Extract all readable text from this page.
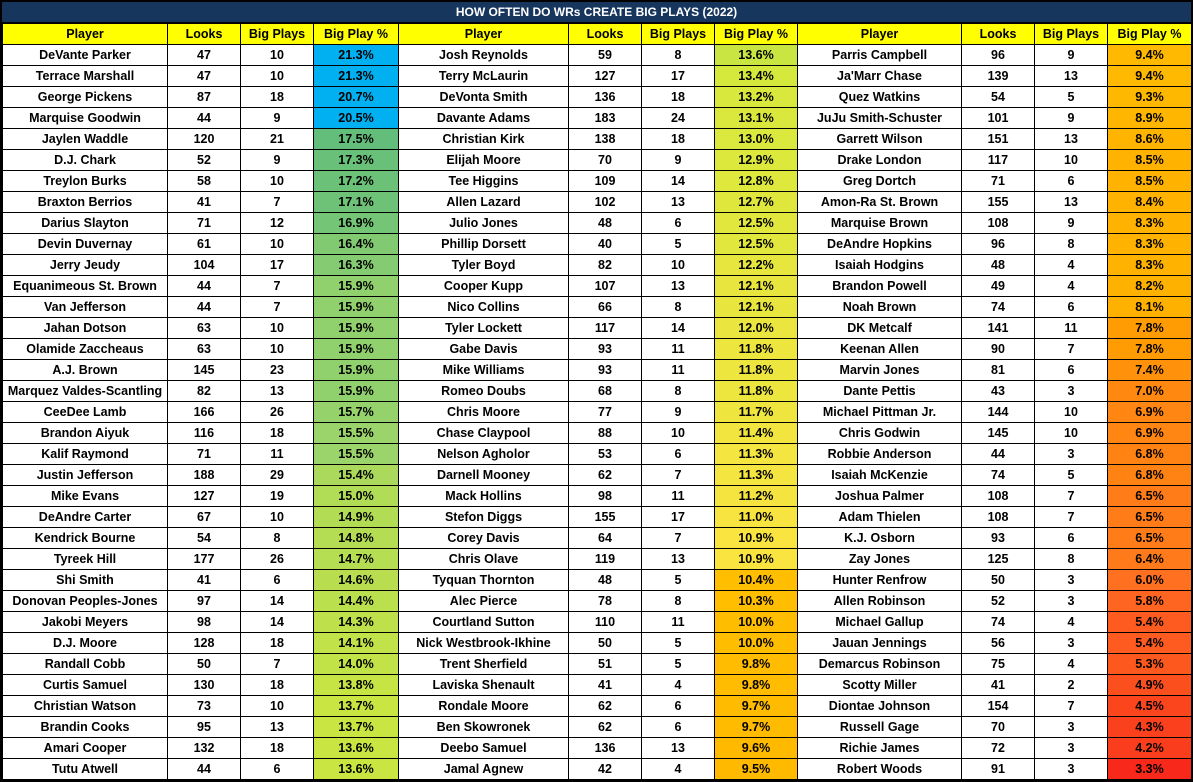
HOW OFTEN DO WRs CREATE BIG PLAYS (2022)
Player	Looks	Big Plays	Big Play %
DeVante Parker	47	10	21.3%
Terrace Marshall	47	10	21.3%
George Pickens	87	18	20.7%
Marquise Goodwin	44	9	20.5%
Jaylen Waddle	120	21	17.5%
D.J. Chark	52	9	17.3%
Treylon Burks	58	10	17.2%
Braxton Berrios	41	7	17.1%
Darius Slayton	71	12	16.9%
Devin Duvernay	61	10	16.4%
Jerry Jeudy	104	17	16.3%
Equanimeous St. Brown	44	7	15.9%
Van Jefferson	44	7	15.9%
Jahan Dotson	63	10	15.9%
Olamide Zaccheaus	63	10	15.9%
A.J. Brown	145	23	15.9%
Marquez Valdes-Scantling	82	13	15.9%
CeeDee Lamb	166	26	15.7%
Brandon Aiyuk	116	18	15.5%
Kalif Raymond	71	11	15.5%
Justin Jefferson	188	29	15.4%
Mike Evans	127	19	15.0%
DeAndre Carter	67	10	14.9%
Kendrick Bourne	54	8	14.8%
Tyreek Hill	177	26	14.7%
Shi Smith	41	6	14.6%
Donovan Peoples-Jones	97	14	14.4%
Jakobi Meyers	98	14	14.3%
D.J. Moore	128	18	14.1%
Randall Cobb	50	7	14.0%
Curtis Samuel	130	18	13.8%
Christian Watson	73	10	13.7%
Brandin Cooks	95	13	13.7%
Amari Cooper	132	18	13.6%
Tutu Atwell	44	6	13.6%
Player	Looks	Big Plays	Big Play %
Josh Reynolds	59	8	13.6%
Terry McLaurin	127	17	13.4%
DeVonta Smith	136	18	13.2%
Davante Adams	183	24	13.1%
Christian Kirk	138	18	13.0%
Elijah Moore	70	9	12.9%
Tee Higgins	109	14	12.8%
Allen Lazard	102	13	12.7%
Julio Jones	48	6	12.5%
Phillip Dorsett	40	5	12.5%
Tyler Boyd	82	10	12.2%
Cooper Kupp	107	13	12.1%
Nico Collins	66	8	12.1%
Tyler Lockett	117	14	12.0%
Gabe Davis	93	11	11.8%
Mike Williams	93	11	11.8%
Romeo Doubs	68	8	11.8%
Chris Moore	77	9	11.7%
Chase Claypool	88	10	11.4%
Nelson Agholor	53	6	11.3%
Darnell Mooney	62	7	11.3%
Mack Hollins	98	11	11.2%
Stefon Diggs	155	17	11.0%
Corey Davis	64	7	10.9%
Chris Olave	119	13	10.9%
Tyquan Thornton	48	5	10.4%
Alec Pierce	78	8	10.3%
Courtland Sutton	110	11	10.0%
Nick Westbrook-Ikhine	50	5	10.0%
Trent Sherfield	51	5	9.8%
Laviska Shenault	41	4	9.8%
Rondale Moore	62	6	9.7%
Ben Skowronek	62	6	9.7%
Deebo Samuel	136	13	9.6%
Jamal Agnew	42	4	9.5%
Player	Looks	Big Plays	Big Play %
Parris Campbell	96	9	9.4%
Ja'Marr Chase	139	13	9.4%
Quez Watkins	54	5	9.3%
JuJu Smith-Schuster	101	9	8.9%
Garrett Wilson	151	13	8.6%
Drake London	117	10	8.5%
Greg Dortch	71	6	8.5%
Amon-Ra St. Brown	155	13	8.4%
Marquise Brown	108	9	8.3%
DeAndre Hopkins	96	8	8.3%
Isaiah Hodgins	48	4	8.3%
Brandon Powell	49	4	8.2%
Noah Brown	74	6	8.1%
DK Metcalf	141	11	7.8%
Keenan Allen	90	7	7.8%
Marvin Jones	81	6	7.4%
Dante Pettis	43	3	7.0%
Michael Pittman Jr.	144	10	6.9%
Chris Godwin	145	10	6.9%
Robbie Anderson	44	3	6.8%
Isaiah McKenzie	74	5	6.8%
Joshua Palmer	108	7	6.5%
Adam Thielen	108	7	6.5%
K.J. Osborn	93	6	6.5%
Zay Jones	125	8	6.4%
Hunter Renfrow	50	3	6.0%
Allen Robinson	52	3	5.8%
Michael Gallup	74	4	5.4%
Jauan Jennings	56	3	5.4%
Demarcus Robinson	75	4	5.3%
Scotty Miller	41	2	4.9%
Diontae Johnson	154	7	4.5%
Russell Gage	70	3	4.3%
Richie James	72	3	4.2%
Robert Woods	91	3	3.3%
